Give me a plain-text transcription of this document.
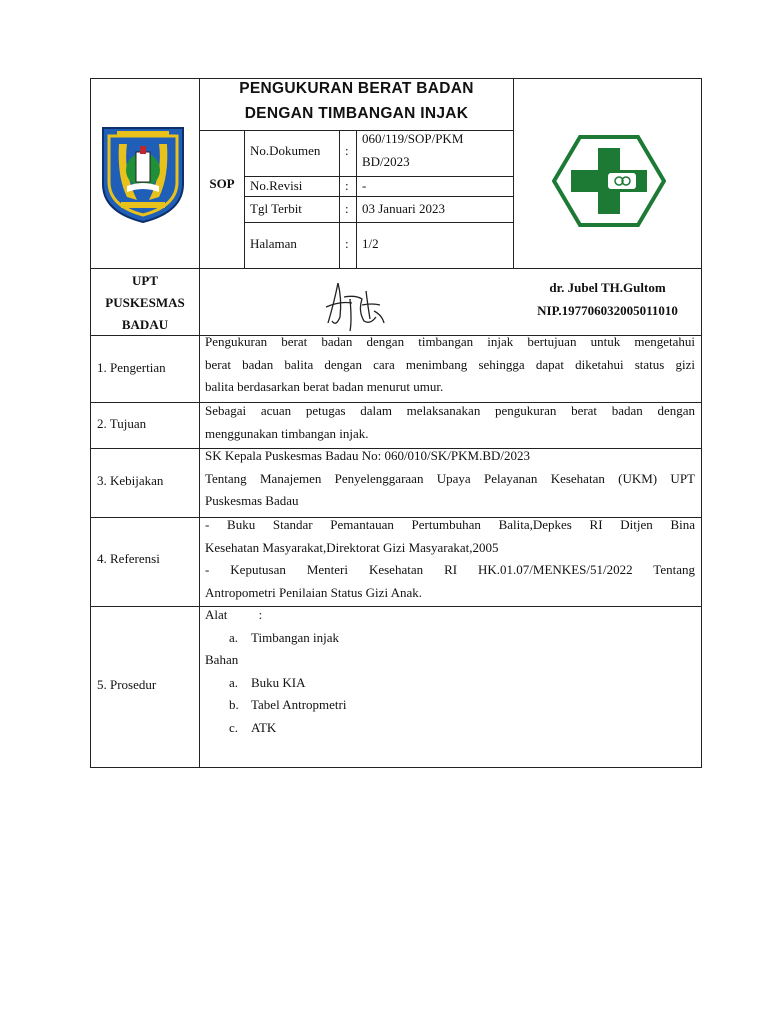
PENGUKURAN BERAT BADAN
DENGAN TIMBANGAN INJAK
SOP
No.Dokumen :
060/119/SOP/PKM
BD/2023
No.Revisi	: -
Tgl Terbit	: 03 Januari 2023
Halaman	: 1/2
UPT
PUSKESMAS
BADAU
dr. Jubel TH.Gultom
NIP.197706032005011010
1. Pengertian
Pengukuran berat badan dengan timbangan injak bertujuan untuk mengetahui
berat badan balita dengan cara menimbang sehingga dapat diketahui status gizi
balita berdasarkan berat badan menurut umur.
2. Tujuan
Sebagai acuan petugas dalam melaksanakan pengukuran berat badan dengan
menggunakan timbangan injak.
3. Kebijakan
SK Kepala Puskesmas Badau No: 060/010/SK/PKM.BD/2023
Tentang Manajemen Penyelenggaraan Upaya Pelayanan Kesehatan (UKM) UPT
Puskesmas Badau
4. Referensi
- Buku Standar Pemantauan Pertumbuhan Balita,Depkes RI Ditjen Bina
Kesehatan Masyarakat,Direktorat Gizi Masyarakat,2005
- Keputusan Menteri Kesehatan RI HK.01.07/MENKES/51/2022 Tentang
Antropometri Penilaian Status Gizi Anak.
5. Prosedur
Alat :
a. Timbangan injak
Bahan
a. Buku KIA
b. Tabel Antropmetri
c. ATK
